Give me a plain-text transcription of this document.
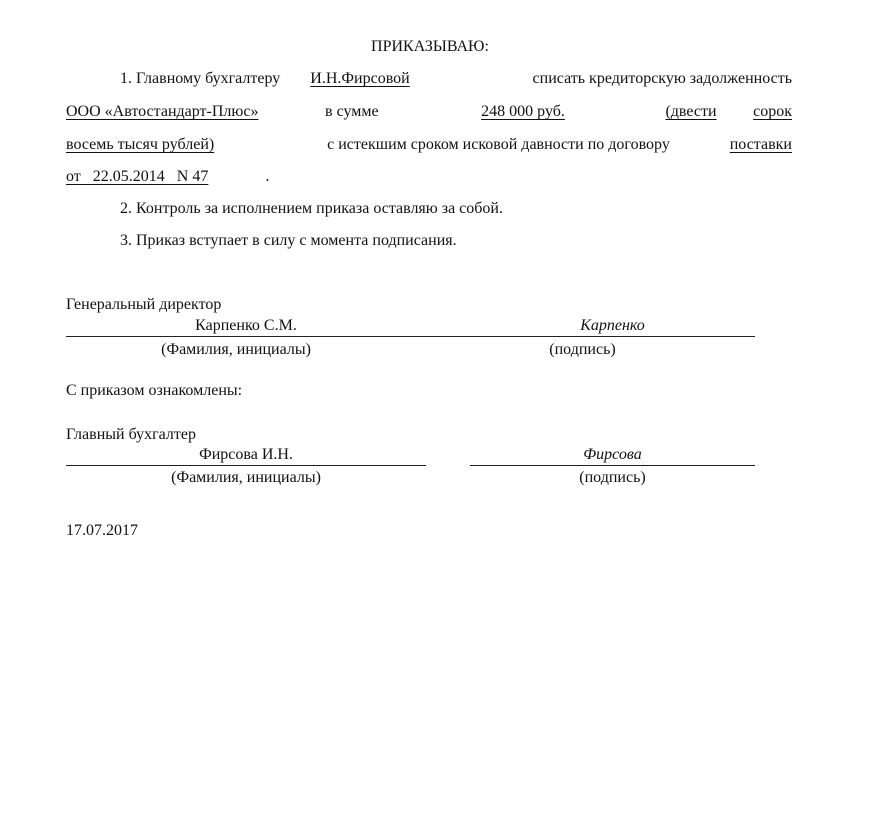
ПРИКАЗЫВАЮ:
1. Главному бухгалтеру И.Н.Фирсовой	списать кредиторскую задолженность
ООО «Автостандарт-Плюс»	в сумме	248 000 руб.	(двести сорок
восемь тысяч рублей)	с истекшим сроком исковой давности по договору	поставки
от   22.05.2014   N 47	.
2. Контроль за исполнением приказа оставляю за собой.
3. Приказ вступает в силу с момента подписания.
Генеральный директор
Карпенко С.М.	Карпенко
(Фамилия, инициалы)	(подпись)
С приказом ознакомлены:
Главный бухгалтер
Фирсова И.Н.	Фирсова
(Фамилия, инициалы)	(подпись)
17.07.2017
